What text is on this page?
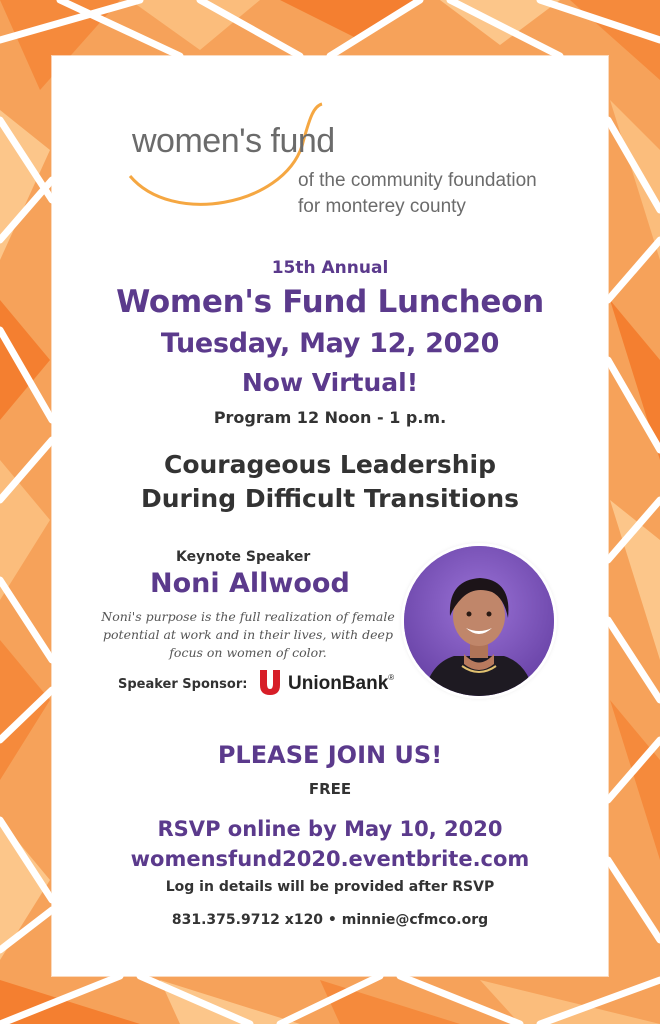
women's fund
of the community foundation
for monterey county
15th Annual
Women's Fund Luncheon
Tuesday, May 12, 2020
Now Virtual!
Program 12 Noon - 1 p.m.
Courageous Leadership
During Difficult Transitions
Keynote Speaker
Noni Allwood
Noni's purpose is the full realization of female potential at work and in their lives, with deep focus on women of color.
Speaker Sponsor: UnionBank®
PLEASE JOIN US!
FREE
RSVP online by May 10, 2020
womensfund2020.eventbrite.com
Log in details will be provided after RSVP
831.375.9712 x120 • minnie@cfmco.org
